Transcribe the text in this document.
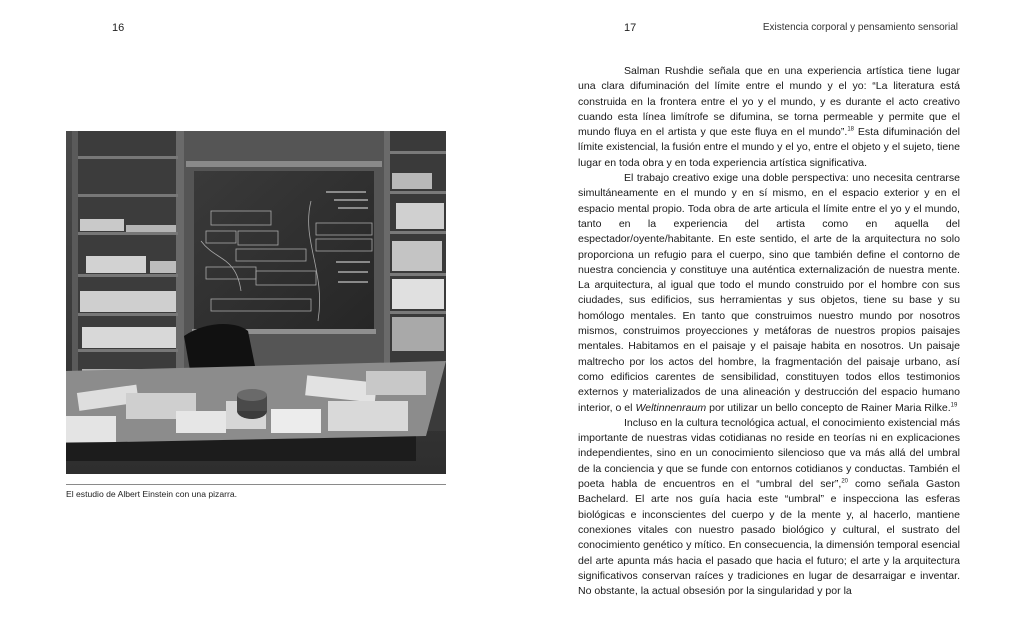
16
El estudio de Albert Einstein con una pizarra.
17	Existencia corporal y pensamiento sensorial

Salman Rushdie señala que en una experiencia artística tiene lugar una clara difuminación del límite entre el mundo y el yo: “La literatura está construida en la frontera entre el yo y el mundo, y es durante el acto creativo cuando esta línea limítrofe se difumina, se torna permeable y permite que el mundo fluya en el artista y que este fluya en el mundo”.$^{18}$ Esta difuminación del límite existencial, la fusión entre el mundo y el yo, entre el objeto y el sujeto, tiene lugar en toda obra y en toda experiencia artística significativa.

El trabajo creativo exige una doble perspectiva: uno necesita centrarse simultáneamente en el mundo y en sí mismo, en el espacio exterior y en el espacio mental propio. Toda obra de arte articula el límite entre el yo y el mundo, tanto en la experiencia del artista como en aquella del espectador/oyente/habitante. En este sentido, el arte de la arquitectura no solo proporciona un refugio para el cuerpo, sino que también define el contorno de nuestra conciencia y constituye una auténtica externalización de nuestra mente. La arquitectura, al igual que todo el mundo construido por el hombre con sus ciudades, sus edificios, sus herramientas y sus objetos, tiene su base y su homólogo mentales. En tanto que construimos nuestro mundo por nosotros mismos, construimos proyecciones y metáforas de nuestros propios paisajes mentales. Habitamos en el paisaje y el paisaje habita en nosotros. Un paisaje maltrecho por los actos del hombre, la fragmentación del paisaje urbano, así como edificios carentes de sensibilidad, constituyen todos ellos testimonios externos y materializados de una alineación y destrucción del espacio humano interior, o el Weltinnenraum por utilizar un bello concepto de Rainer Maria Rilke.$^{19}$

Incluso en la cultura tecnológica actual, el conocimiento existencial más importante de nuestras vidas cotidianas no reside en teorías ni en explicaciones independientes, sino en un conocimiento silencioso que va más allá del umbral de la conciencia y que se funde con entornos cotidianos y conductas. También el poeta habla de encuentros en el “umbral del ser”,$^{20}$ como señala Gaston Bachelard. El arte nos guía hacia este “umbral” e inspecciona las esferas biológicas e inconscientes del cuerpo y de la mente y, al hacerlo, mantiene conexiones vitales con nuestro pasado biológico y cultural, el sustrato del conocimiento genético y mítico. En consecuencia, la dimensión temporal esencial del arte apunta más hacia el pasado que hacia el futuro; el arte y la arquitectura significativos conservan raíces y tradiciones en lugar de desarraigar e inventar. No obstante, la actual obsesión por la singularidad y por la
